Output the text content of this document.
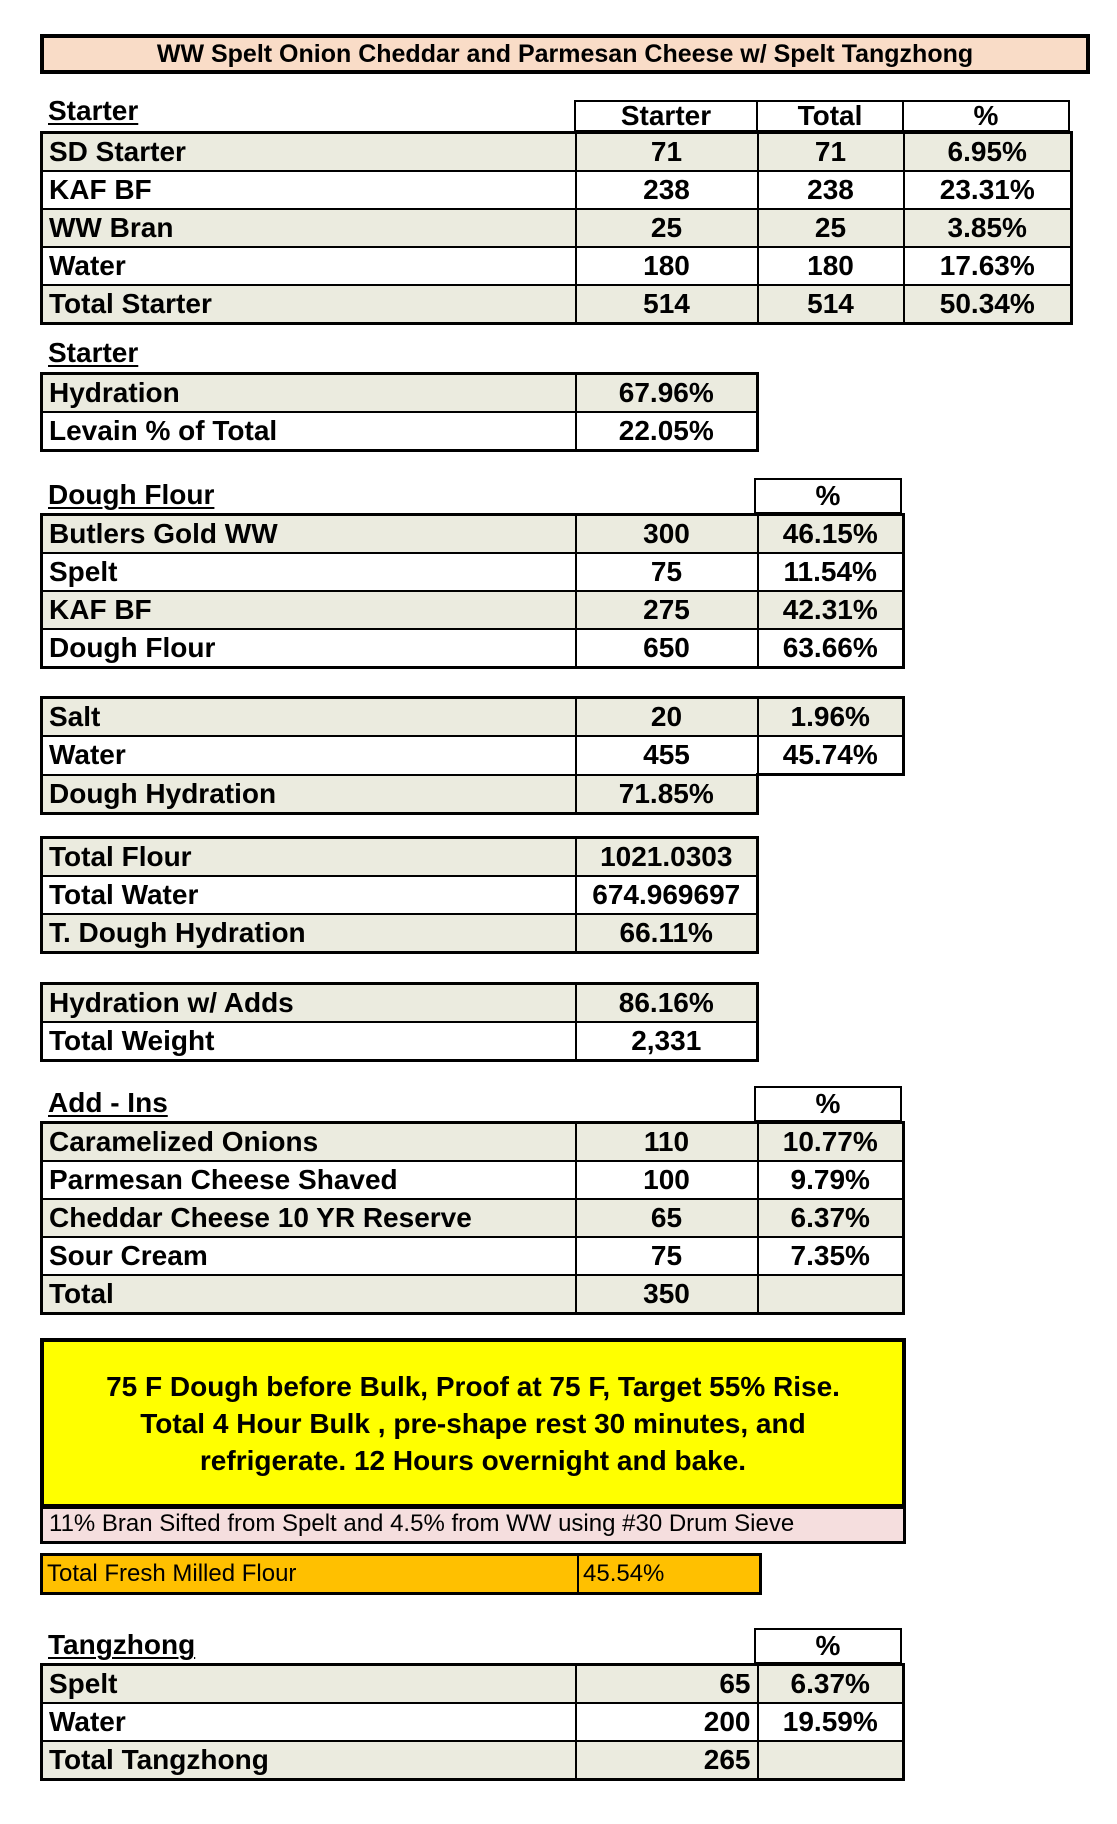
WW Spelt Onion Cheddar and Parmesan Cheese w/ Spelt Tangzhong
Starter	Starter	Total	%
SD Starter	71	71	6.95%
KAF BF	238	238	23.31%
WW Bran	25	25	3.85%
Water	180	180	17.63%
Total Starter	514	514	50.34%
Starter
Hydration	67.96%
Levain % of Total	22.05%
Dough Flour	%
Butlers Gold WW	300	46.15%
Spelt	75	11.54%
KAF BF	275	42.31%
Dough Flour	650	63.66%
Salt	20	1.96%
Water	455	45.74%
Dough Hydration	71.85%	
Total Flour	1021.0303
Total Water	674.969697
T. Dough Hydration	66.11%
Hydration w/ Adds	86.16%
Total Weight	2,331
Add - Ins	%
Caramelized Onions	110	10.77%
Parmesan Cheese Shaved	100	9.79%
Cheddar Cheese 10 YR Reserve	65	6.37%
Sour Cream	75	7.35%
Total	350	
75 F Dough before Bulk, Proof at 75 F, Target 55% Rise. Total 4 Hour Bulk , pre-shape rest 30 minutes, and refrigerate. 12 Hours overnight and bake.
11% Bran Sifted from Spelt and 4.5% from WW using #30 Drum Sieve
Total Fresh Milled Flour	45.54%
Tangzhong	%
Spelt	65	6.37%
Water	200	19.59%
Total Tangzhong	265	
